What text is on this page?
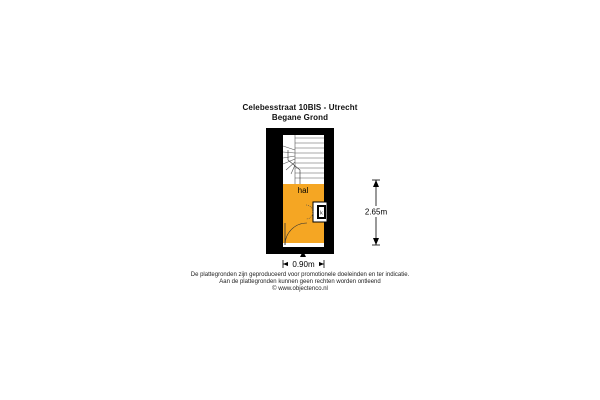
Celebesstraat 10BIS - Utrecht
Begane Grond
k
hal
2.65m
0.90m
De plattegronden zijn geproduceerd voor promotionele doeleinden en ter indicatie.
Aan de plattegronden kunnen geen rechten worden ontleend
© www.objectenco.nl
